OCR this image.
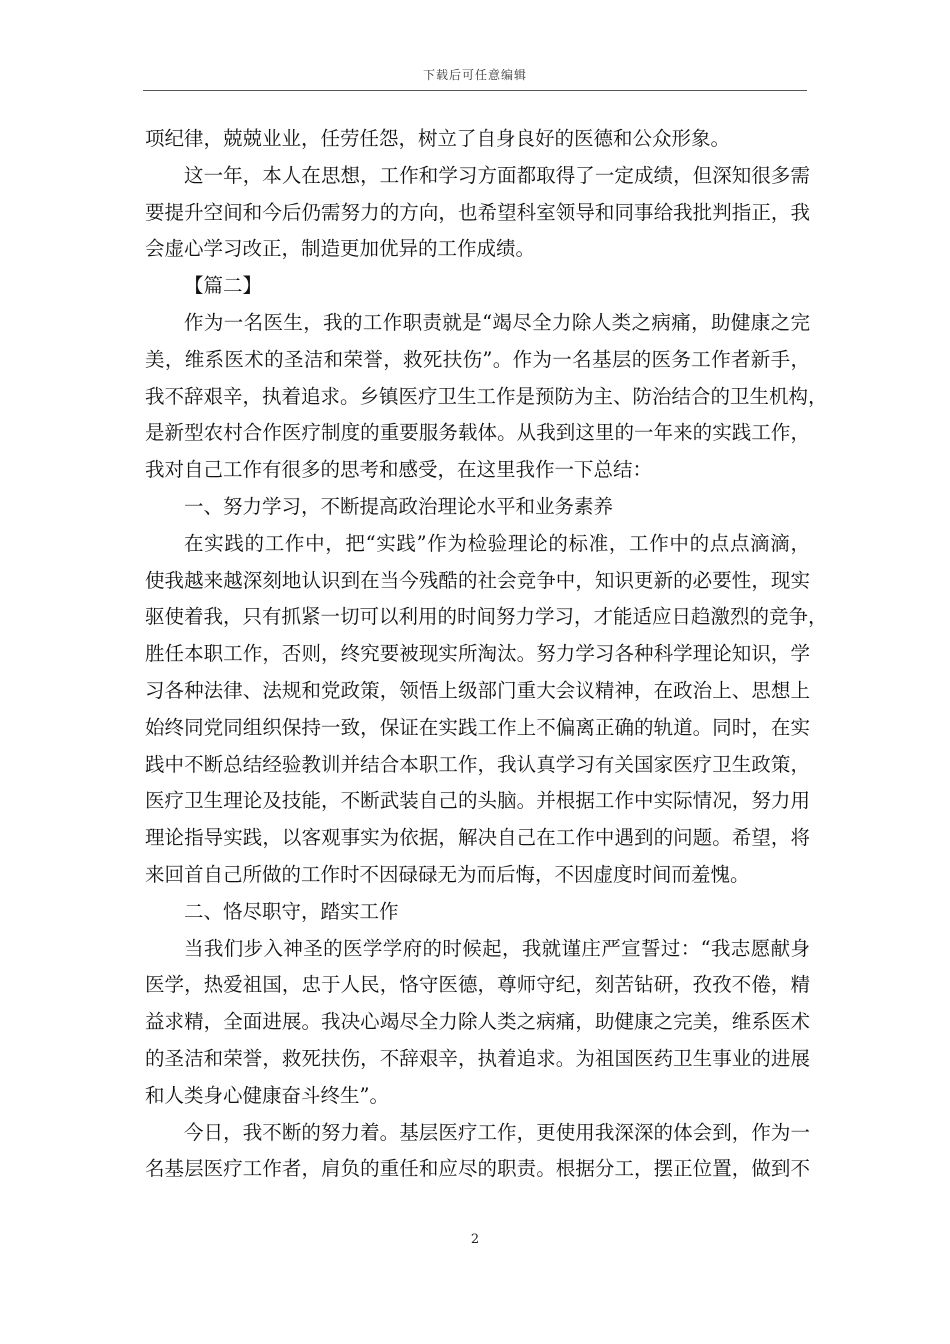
下载后可任意编辑
项纪律，兢兢业业，任劳任怨，树立了自身良好的医德和公众形象。
这一年，本人在思想，工作和学习方面都取得了一定成绩，但深知很多需
要提升空间和今后仍需努力的方向，也希望科室领导和同事给我批判指正，我
会虚心学习改正，制造更加优异的工作成绩。
【篇二】
作为一名医生，我的工作职责就是“竭尽全力除人类之病痛，助健康之完
美，维系医术的圣洁和荣誉，救死扶伤”。作为一名基层的医务工作者新手，
我不辞艰辛，执着追求。乡镇医疗卫生工作是预防为主、防治结合的卫生机构，
是新型农村合作医疗制度的重要服务载体。从我到这里的一年来的实践工作，
我对自己工作有很多的思考和感受，在这里我作一下总结：
一、努力学习，不断提高政治理论水平和业务素养
在实践的工作中，把“实践”作为检验理论的标准，工作中的点点滴滴，
使我越来越深刻地认识到在当今残酷的社会竞争中，知识更新的必要性，现实
驱使着我，只有抓紧一切可以利用的时间努力学习，才能适应日趋激烈的竞争，
胜任本职工作，否则，终究要被现实所淘汰。努力学习各种科学理论知识，学
习各种法律、法规和党政策，领悟上级部门重大会议精神，在政治上、思想上
始终同党同组织保持一致，保证在实践工作上不偏离正确的轨道。同时，在实
践中不断总结经验教训并结合本职工作，我认真学习有关国家医疗卫生政策，
医疗卫生理论及技能，不断武装自己的头脑。并根据工作中实际情况，努力用
理论指导实践，以客观事实为依据，解决自己在工作中遇到的问题。希望，将
来回首自己所做的工作时不因碌碌无为而后悔，不因虚度时间而羞愧。
二、恪尽职守，踏实工作
当我们步入神圣的医学学府的时候起，我就谨庄严宣誓过：“我志愿献身
医学，热爱祖国，忠于人民，恪守医德，尊师守纪，刻苦钻研，孜孜不倦，精
益求精，全面进展。我决心竭尽全力除人类之病痛，助健康之完美，维系医术
的圣洁和荣誉，救死扶伤，不辞艰辛，执着追求。为祖国医药卫生事业的进展
和人类身心健康奋斗终生”。
今日，我不断的努力着。基层医疗工作，更使用我深深的体会到，作为一
名基层医疗工作者，肩负的重任和应尽的职责。根据分工，摆正位置，做到不
2
